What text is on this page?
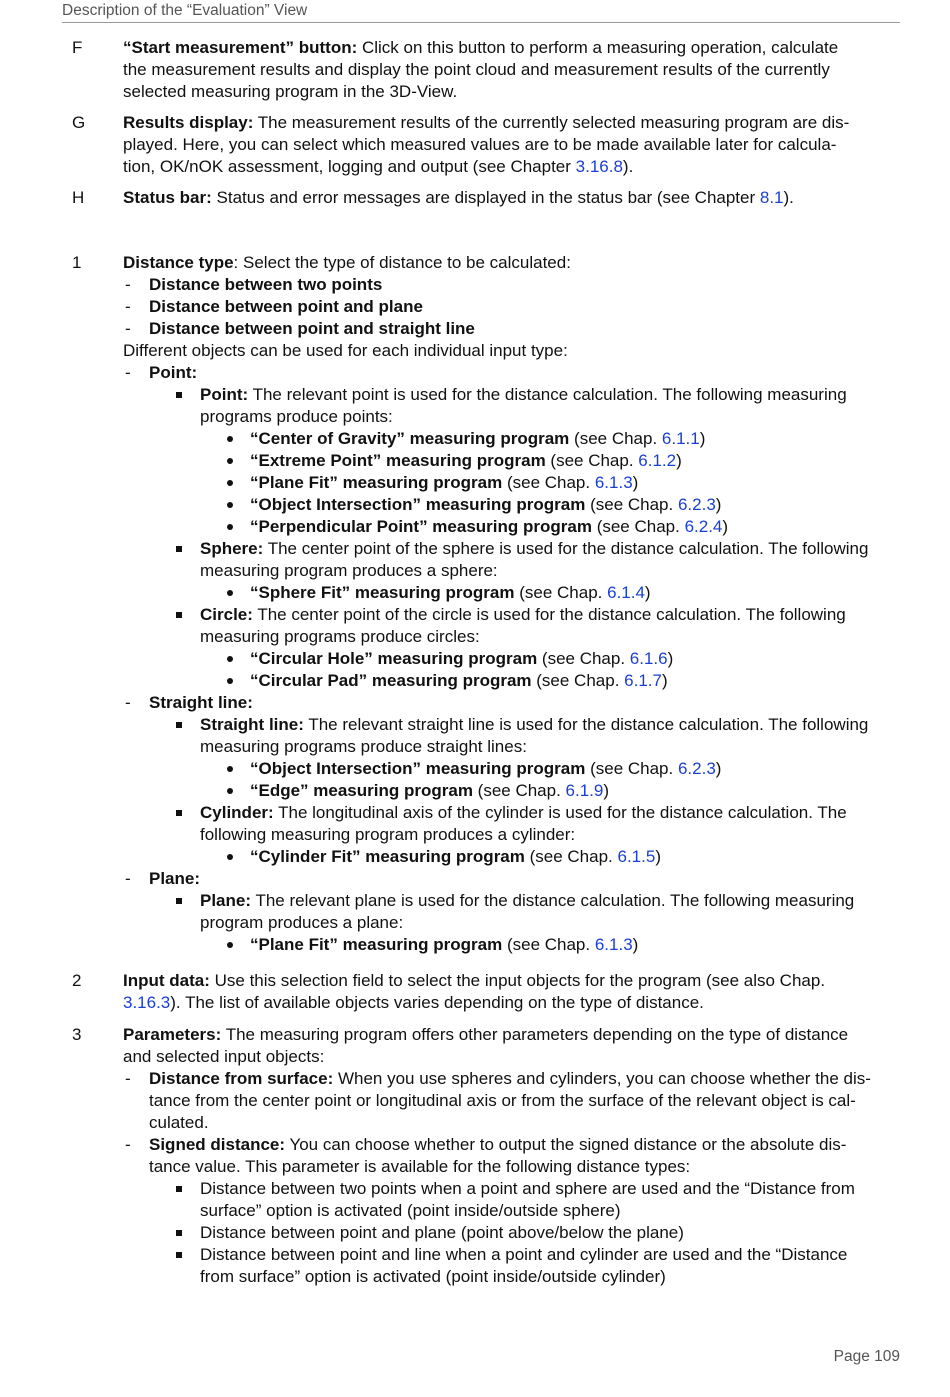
Description of the “Evaluation” View
F	“Start measurement” button: Click on this button to perform a measuring operation, calculate
the measurement results and display the point cloud and measurement results of the currently
selected measuring program in the 3D-View.
G	Results display: The measurement results of the currently selected measuring program are dis-
played. Here, you can select which measured values are to be made available later for calcula-
tion, OK/nOK assessment, logging and output (see Chapter 3.16.8).
H	Status bar: Status and error messages are displayed in the status bar (see Chapter 8.1).
1	Distance type: Select the type of distance to be calculated:
- Distance between two points
- Distance between point and plane
- Distance between point and straight line
Different objects can be used for each individual input type:
- Point:
Point: The relevant point is used for the distance calculation. The following measuring
programs produce points:
“Center of Gravity” measuring program (see Chap. 6.1.1)
“Extreme Point” measuring program (see Chap. 6.1.2)
“Plane Fit” measuring program (see Chap. 6.1.3)
“Object Intersection” measuring program (see Chap. 6.2.3)
“Perpendicular Point” measuring program (see Chap. 6.2.4)
Sphere: The center point of the sphere is used for the distance calculation. The following
measuring program produces a sphere:
“Sphere Fit” measuring program (see Chap. 6.1.4)
Circle: The center point of the circle is used for the distance calculation. The following
measuring programs produce circles:
“Circular Hole” measuring program (see Chap. 6.1.6)
“Circular Pad” measuring program (see Chap. 6.1.7)
- Straight line:
Straight line: The relevant straight line is used for the distance calculation. The following
measuring programs produce straight lines:
“Object Intersection” measuring program (see Chap. 6.2.3)
“Edge” measuring program (see Chap. 6.1.9)
Cylinder: The longitudinal axis of the cylinder is used for the distance calculation. The
following measuring program produces a cylinder:
“Cylinder Fit” measuring program (see Chap. 6.1.5)
- Plane:
Plane: The relevant plane is used for the distance calculation. The following measuring
program produces a plane:
“Plane Fit” measuring program (see Chap. 6.1.3)
2	Input data: Use this selection field to select the input objects for the program (see also Chap.
3.16.3). The list of available objects varies depending on the type of distance.
3	Parameters: The measuring program offers other parameters depending on the type of distance
and selected input objects:
- Distance from surface: When you use spheres and cylinders, you can choose whether the dis-
tance from the center point or longitudinal axis or from the surface of the relevant object is cal-
culated.
- Signed distance: You can choose whether to output the signed distance or the absolute dis-
tance value. This parameter is available for the following distance types:
Distance between two points when a point and sphere are used and the “Distance from
surface” option is activated (point inside/outside sphere)
Distance between point and plane (point above/below the plane)
Distance between point and line when a point and cylinder are used and the “Distance
from surface” option is activated (point inside/outside cylinder)
Page 109
